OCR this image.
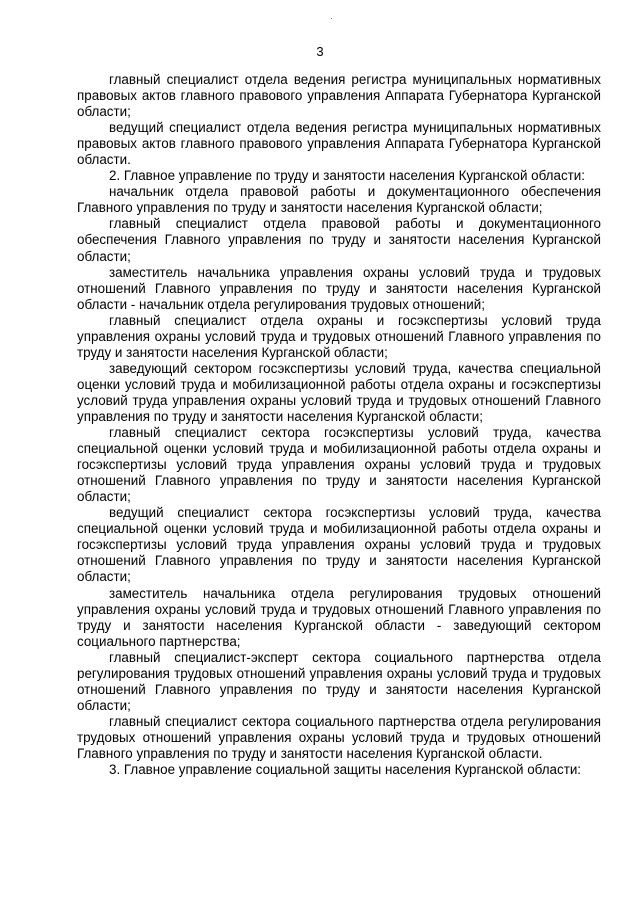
3

главный специалист отдела ведения регистра муниципальных нормативных правовых актов главного правового управления Аппарата Губернатора Курганской области;

ведущий специалист отдела ведения регистра муниципальных нормативных правовых актов главного правового управления Аппарата Губернатора Курганской области.

2. Главное управление по труду и занятости населения Курганской области:

начальник отдела правовой работы и документационного обеспечения Главного управления по труду и занятости населения Курганской области;

главный специалист отдела правовой работы и документационного обеспечения Главного управления по труду и занятости населения Курганской области;

заместитель начальника управления охраны условий труда и трудовых отношений Главного управления по труду и занятости населения Курганской области - начальник отдела регулирования трудовых отношений;

главный специалист отдела охраны и госэкспертизы условий труда управления охраны условий труда и трудовых отношений Главного управления по труду и занятости населения Курганской области;

заведующий сектором госэкспертизы условий труда, качества специальной оценки условий труда и мобилизационной работы отдела охраны и госэкспертизы условий труда управления охраны условий труда и трудовых отношений Главного управления по труду и занятости населения Курганской области;

главный специалист сектора госэкспертизы условий труда, качества специальной оценки условий труда и мобилизационной работы отдела охраны и госэкспертизы условий труда управления охраны условий труда и трудовых отношений Главного управления по труду и занятости населения Курганской области;

ведущий специалист сектора госэкспертизы условий труда, качества специальной оценки условий труда и мобилизационной работы отдела охраны и госэкспертизы условий труда управления охраны условий труда и трудовых отношений Главного управления по труду и занятости населения Курганской области;

заместитель начальника отдела регулирования трудовых отношений управления охраны условий труда и трудовых отношений Главного управления по труду и занятости населения Курганской области - заведующий сектором социального партнерства;

главный специалист-эксперт сектора социального партнерства отдела регулирования трудовых отношений управления охраны условий труда и трудовых отношений Главного управления по труду и занятости населения Курганской области;

главный специалист сектора социального партнерства отдела регулирования трудовых отношений управления охраны условий труда и трудовых отношений Главного управления по труду и занятости населения Курганской области.

3. Главное управление социальной защиты населения Курганской области:
